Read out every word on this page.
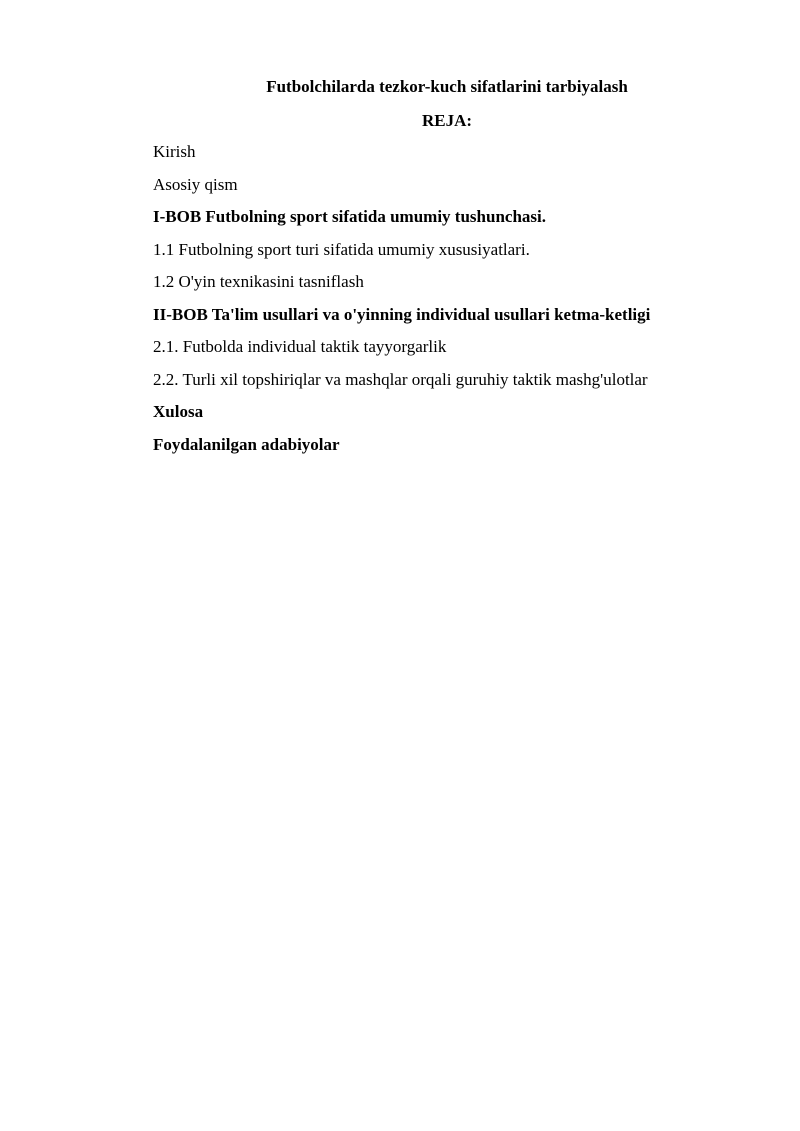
Futbolchilarda tezkor-kuch sifatlarini tarbiyalash
REJA:
Kirish
Asosiy qism
I-BOB Futbolning sport sifatida umumiy tushunchasi.
1.1 Futbolning sport turi sifatida umumiy xususiyatlari.
1.2 O'yin texnikasini tasniflash
II-BOB Ta'lim usullari va o'yinning individual usullari ketma-ketligi
2.1. Futbolda individual taktik tayyorgarlik
2.2. Turli xil topshiriqlar va mashqlar orqali guruhiy taktik mashg'ulotlar
Xulosa
Foydalanilgan adabiyolar
